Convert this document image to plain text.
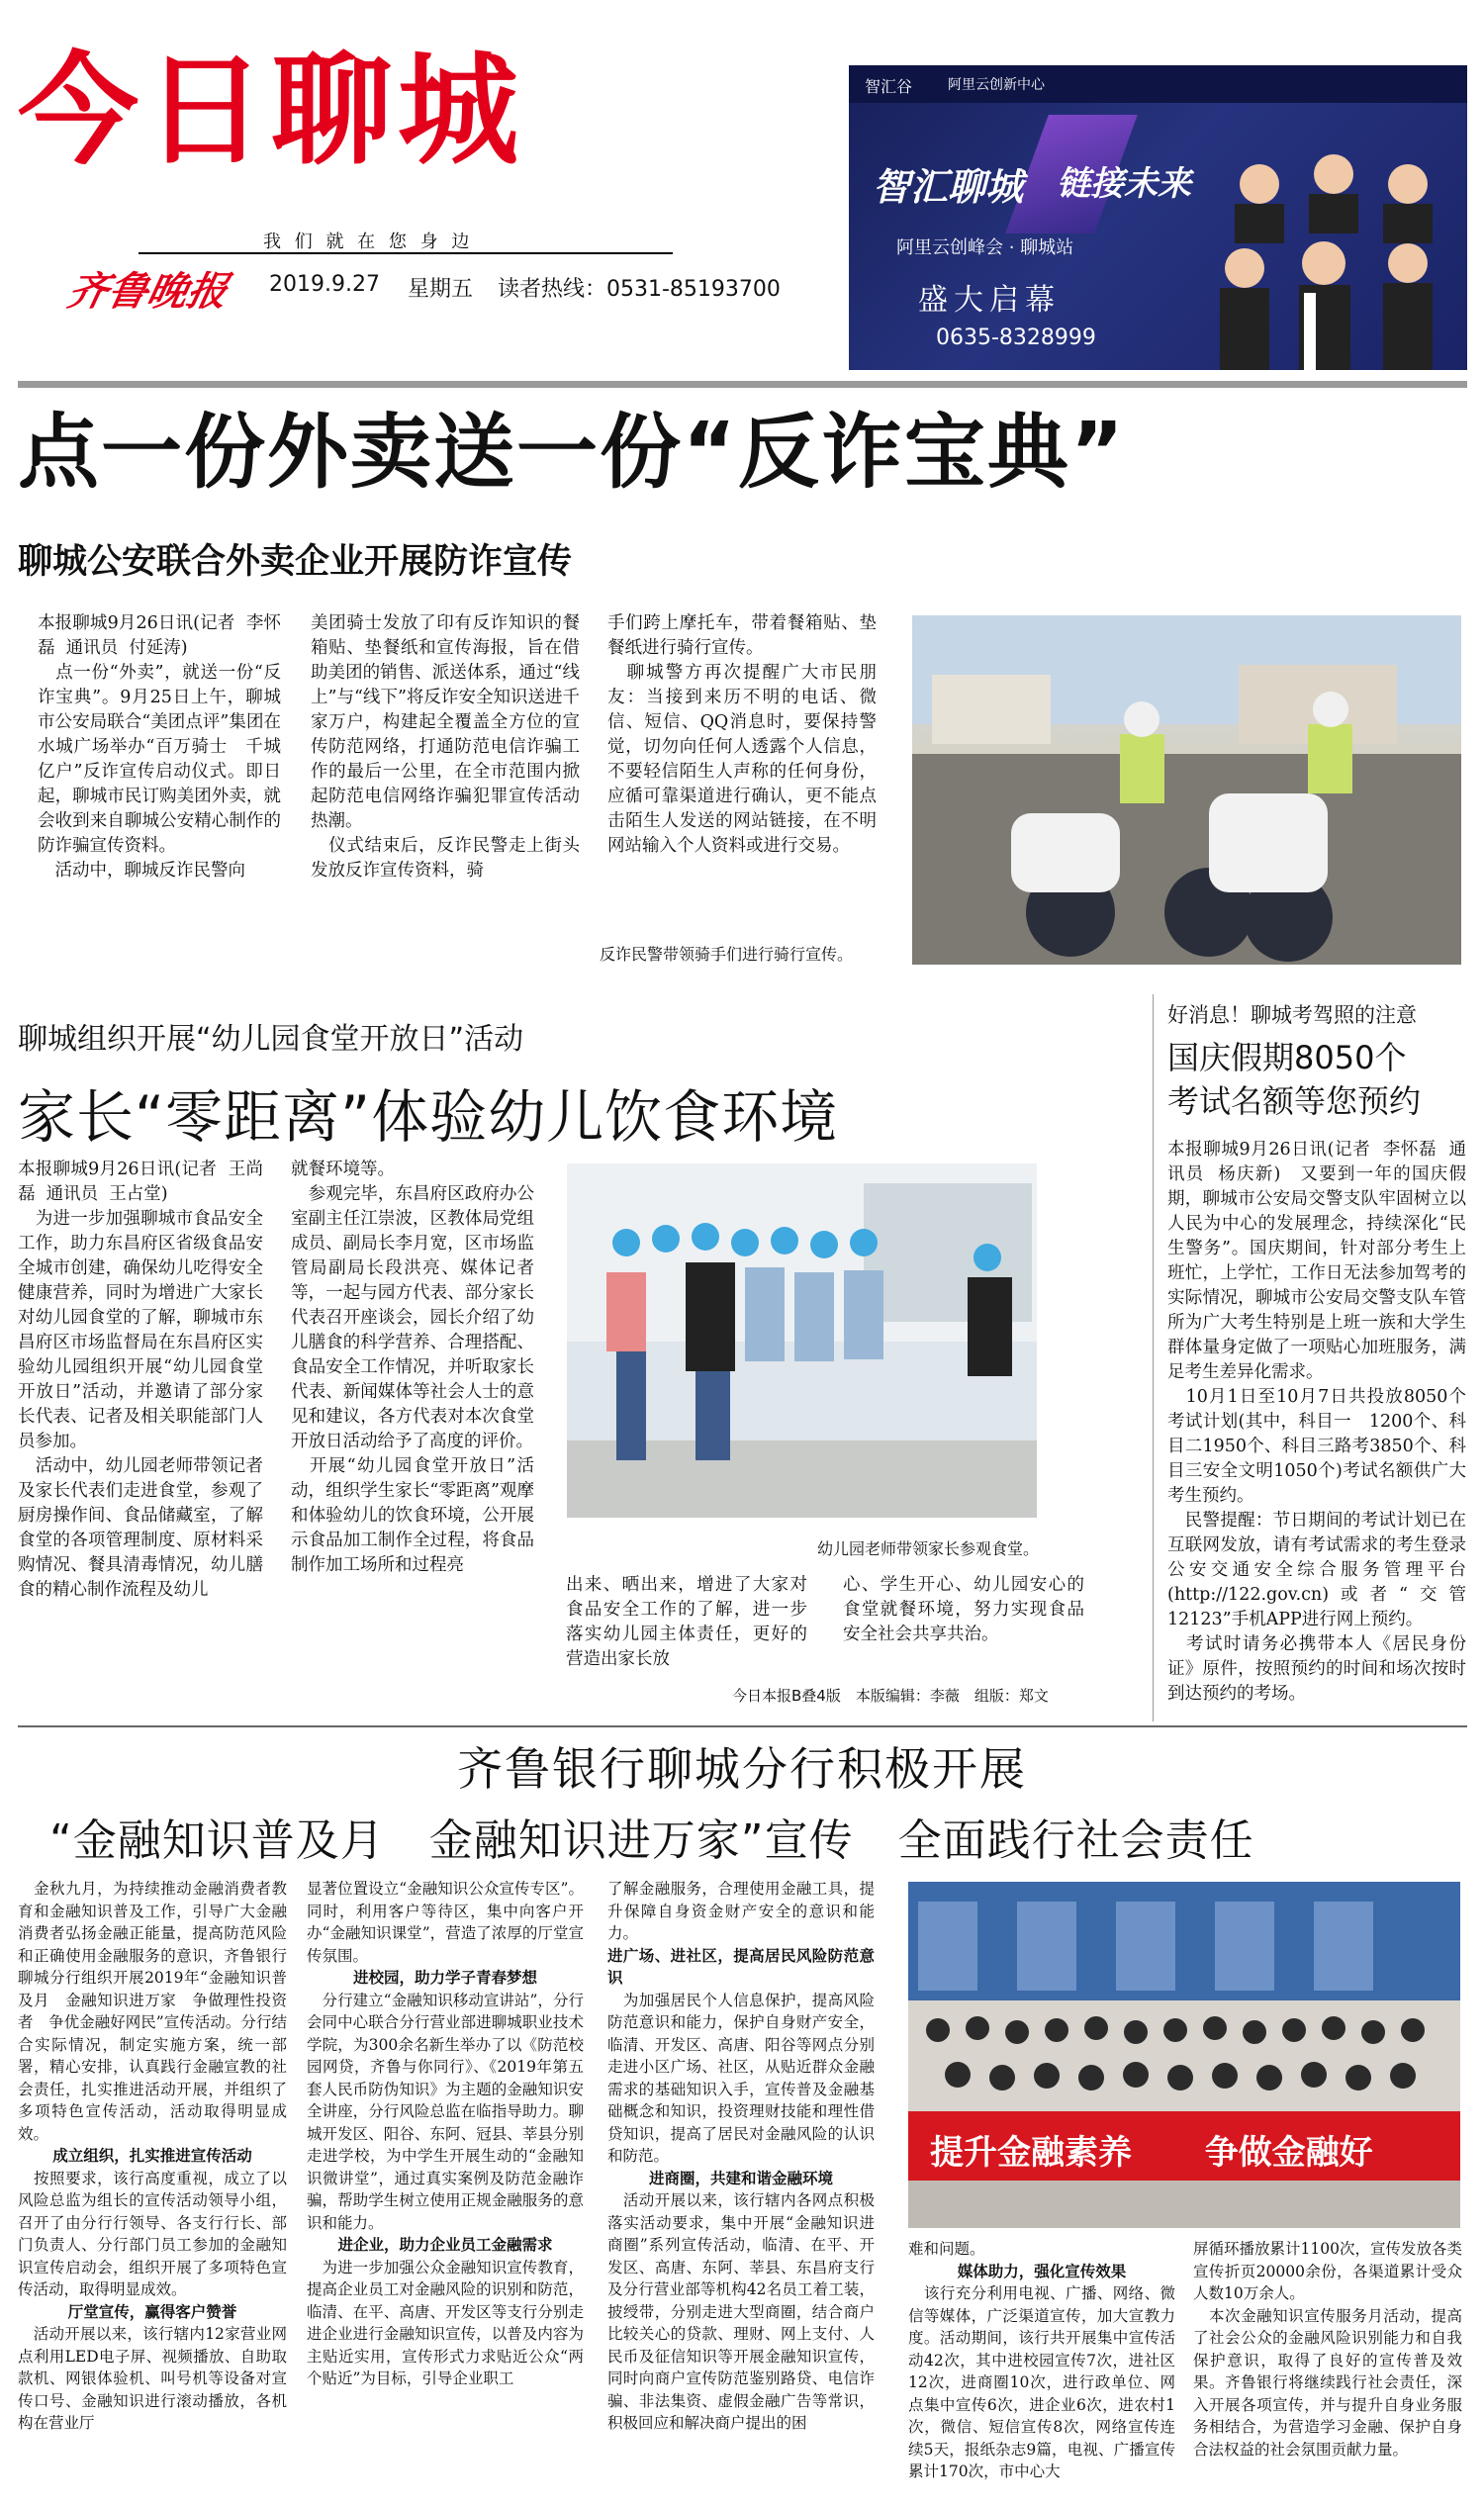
今日聊城
我 们 就 在 您 身 边
齐鲁晚报 2019.9.27 星期五 读者热线：0531-85193700
智汇谷	阿里云创新中心
智汇聊城 链接未来
阿里云创峰会 · 聊城站
盛大启幕
0635-8328999
点一份外卖送一份“反诈宝典”
聊城公安联合外卖企业开展防诈宣传
本报聊城9月26日讯(记者  李怀磊  通讯员  付延涛)
　点一份“外卖”，就送一份“反诈宝典”。9月25日上午，聊城市公安局联合“美团点评”集团在水城广场举办“百万骑士　千城亿户”反诈宣传启动仪式。即日起，聊城市民订购美团外卖，就会收到来自聊城公安精心制作的防诈骗宣传资料。
　活动中，聊城反诈民警向
美团骑士发放了印有反诈知识的餐箱贴、垫餐纸和宣传海报，旨在借助美团的销售、派送体系，通过“线上”与“线下”将反诈安全知识送进千家万户，构建起全覆盖全方位的宣传防范网络，打通防范电信诈骗工作的最后一公里，在全市范围内掀起防范电信网络诈骗犯罪宣传活动热潮。
　仪式结束后，反诈民警走上街头发放反诈宣传资料，骑
手们跨上摩托车，带着餐箱贴、垫餐纸进行骑行宣传。
　聊城警方再次提醒广大市民朋友：当接到来历不明的电话、微信、短信、QQ消息时，要保持警觉，切勿向任何人透露个人信息，不要轻信陌生人声称的任何身份，应循可靠渠道进行确认，更不能点击陌生人发送的网站链接，在不明网站输入个人资料或进行交易。
反诈民警带领骑手们进行骑行宣传。
聊城组织开展“幼儿园食堂开放日”活动
家长“零距离”体验幼儿饮食环境
本报聊城9月26日讯(记者  王尚磊  通讯员  王占堂)
　为进一步加强聊城市食品安全工作，助力东昌府区省级食品安全城市创建，确保幼儿吃得安全健康营养，同时为增进广大家长对幼儿园食堂的了解，聊城市东昌府区市场监督局在东昌府区实验幼儿园组织开展“幼儿园食堂开放日”活动，并邀请了部分家长代表、记者及相关职能部门人员参加。
　活动中，幼儿园老师带领记者及家长代表们走进食堂，参观了厨房操作间、食品储藏室，了解食堂的各项管理制度、原材料采购情况、餐具清毒情况，幼儿膳食的精心制作流程及幼儿
就餐环境等。
　参观完毕，东昌府区政府办公室副主任江崇波，区教体局党组成员、副局长李月宽，区市场监管局副局长段洪亮、媒体记者等，一起与园方代表、部分家长代表召开座谈会，园长介绍了幼儿膳食的科学营养、合理搭配、食品安全工作情况，并听取家长代表、新闻媒体等社会人士的意见和建议，各方代表对本次食堂开放日活动给予了高度的评价。
　开展“幼儿园食堂开放日”活动，组织学生家长“零距离”观摩和体验幼儿的饮食环境，公开展示食品加工制作全过程，将食品制作加工场所和过程亮
幼儿园老师带领家长参观食堂。
出来、晒出来，增进了大家对食品安全工作的了解，进一步落实幼儿园主体责任，更好的营造出家长放
心、学生开心、幼儿园安心的食堂就餐环境，努力实现食品安全社会共享共治。
今日本报B叠4版　本版编辑：李薇　组版：郑文
好消息！聊城考驾照的注意
国庆假期8050个
考试名额等您预约
本报聊城9月26日讯(记者  李怀磊  通讯员  杨庆新)　又要到一年的国庆假期，聊城市公安局交警支队牢固树立以人民为中心的发展理念，持续深化“民生警务”。国庆期间，针对部分考生上班忙，上学忙，工作日无法参加驾考的实际情况，聊城市公安局交警支队车管所为广大考生特别是上班一族和大学生群体量身定做了一项贴心加班服务，满足考生差异化需求。
　10月1日至10月7日共投放8050个考试计划(其中，科目一　1200个、科目二1950个、科目三路考3850个、科目三安全文明1050个)考试名额供广大考生预约。
　民警提醒：节日期间的考试计划已在互联网发放，请有考试需求的考生登录公安交通安全综合服务管理平台(http://122.gov.cn)或者“交管12123”手机APP进行网上预约。
　考试时请务必携带本人《居民身份证》原件，按照预约的时间和场次按时到达预约的考场。
齐鲁银行聊城分行积极开展
“金融知识普及月　金融知识进万家”宣传　全面践行社会责任
　金秋九月，为持续推动金融消费者教育和金融知识普及工作，引导广大金融消费者弘扬金融正能量，提高防范风险和正确使用金融服务的意识，齐鲁银行聊城分行组织开展2019年“金融知识普及月　金融知识进万家　争做理性投资者　争优金融好网民”宣传活动。分行结合实际情况，制定实施方案，统一部署，精心安排，认真践行金融宣教的社会责任，扎实推进活动开展，并组织了多项特色宣传活动，活动取得明显成效。
成立组织，扎实推进宣传活动
　按照要求，该行高度重视，成立了以风险总监为组长的宣传活动领导小组，召开了由分行行领导、各支行行长、部门负责人、分行部门员工参加的金融知识宣传启动会，组织开展了多项特色宣传活动，取得明显成效。
厅堂宣传，赢得客户赞誉
　活动开展以来，该行辖内12家营业网点利用LED电子屏、视频播放、自助取款机、网银体验机、叫号机等设备对宣传口号、金融知识进行滚动播放，各机构在营业厅
显著位置设立“金融知识公众宣传专区”。同时，利用客户等待区，集中向客户开办“金融知识课堂”，营造了浓厚的厅堂宣传氛围。
进校园，助力学子青春梦想
　分行建立“金融知识移动宣讲站”，分行会同中心联合分行营业部进聊城职业技术学院，为300余名新生举办了以《防范校园网贷，齐鲁与你同行》、《2019年第五套人民币防伪知识》为主题的金融知识安全讲座，分行风险总监在临指导助力。聊城开发区、阳谷、东阿、冠县、莘县分别走进学校，为中学生开展生动的“金融知识微讲堂”，通过真实案例及防范金融诈骗，帮助学生树立使用正规金融服务的意识和能力。
进企业，助力企业员工金融需求
　为进一步加强公众金融知识宣传教育，提高企业员工对金融风险的识别和防范，临清、在平、高唐、开发区等支行分别走进企业进行金融知识宣传，以普及内容为主贴近实用，宣传形式力求贴近公众“两个贴近”为目标，引导企业职工
了解金融服务，合理使用金融工具，提升保障自身资金财产安全的意识和能力。
进广场、进社区，提高居民风险防范意识
　为加强居民个人信息保护，提高风险防范意识和能力，保护自身财产安全，临清、开发区、高唐、阳谷等网点分别走进小区广场、社区，从贴近群众金融需求的基础知识入手，宣传普及金融基础概念和知识，投资理财技能和理性借贷知识，提高了居民对金融风险的认识和防范。
进商圈，共建和谐金融环境
　活动开展以来，该行辖内各网点积极落实活动要求，集中开展“金融知识进商圈”系列宣传活动，临清、在平、开发区、高唐、东阿、莘县、东昌府支行及分行营业部等机构42名员工着工装，披绶带，分别走进大型商圈，结合商户比较关心的贷款、理财、网上支付、人民币及征信知识等开展金融知识宣传，同时向商户宣传防范鉴别路贷、电信诈骗、非法集资、虚假金融广告等常识，积极回应和解决商户提出的困
提升金融素养 争做金融好
难和问题。
媒体助力，强化宣传效果
　该行充分利用电视、广播、网络、微信等媒体，广泛渠道宣传，加大宣教力度。活动期间，该行共开展集中宣传活动42次，其中进校园宣传7次，进社区12次，进商圈10次，进行政单位、网点集中宣传6次，进企业6次，进农村1次，微信、短信宣传8次，网络宣传连续5天，报纸杂志9篇，电视、广播宣传累计170次，市中心大
屏循环播放累计1100次，宣传发放各类宣传折页20000余份，各渠道累计受众人数10万余人。
　本次金融知识宣传服务月活动，提高了社会公众的金融风险识别能力和自我保护意识，取得了良好的宣传普及效果。齐鲁银行将继续践行社会责任，深入开展各项宣传，并与提升自身业务服务相结合，为营造学习金融、保护自身合法权益的社会氛围贡献力量。
